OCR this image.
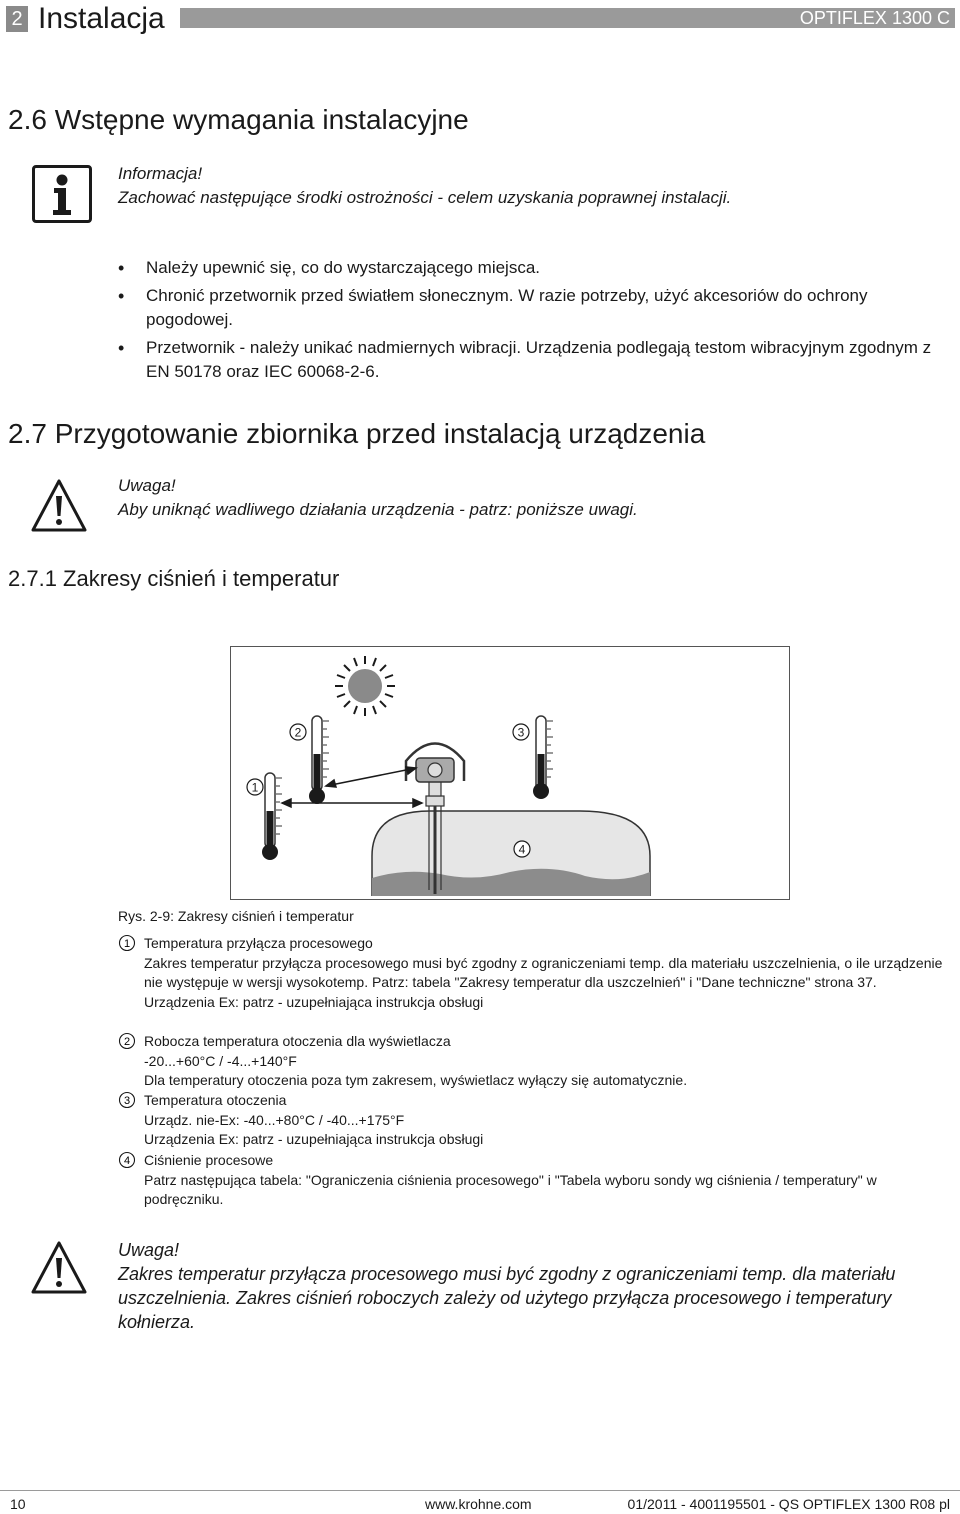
2 Instalacja	OPTIFLEX 1300 C
2.6 Wstępne wymagania instalacyjne
Informacja!
Zachować następujące środki ostrożności - celem uzyskania poprawnej instalacji.
• Należy upewnić się, co do wystarczającego miejsca.
• Chronić przetwornik przed światłem słonecznym. W razie potrzeby, użyć akcesoriów do ochrony pogodowej.
• Przetwornik - należy unikać nadmiernych wibracji. Urządzenia podlegają testom wibracyjnym zgodnym z EN 50178 oraz IEC 60068-2-6.
2.7 Przygotowanie zbiornika przed instalacją urządzenia
Uwaga!
Aby uniknąć wadliwego działania urządzenia - patrz: poniższe uwagi.
2.7.1 Zakresy ciśnień i temperatur
1
2	3
4
Rys. 2-9: Zakresy ciśnień i temperatur
1 Temperatura przyłącza procesowego
Zakres temperatur przyłącza procesowego musi być zgodny z ograniczeniami temp. dla materiału uszczelnienia, o ile urządzenie nie występuje w wersji wysokotemp. Patrz: tabela "Zakresy temperatur dla uszczelnień" i "Dane techniczne" strona 37.
Urządzenia Ex: patrz - uzupełniająca instrukcja obsługi
2 Robocza temperatura otoczenia dla wyświetlacza
-20...+60°C / -4...+140°F
Dla temperatury otoczenia poza tym zakresem, wyświetlacz wyłączy się automatycznie.
3 Temperatura otoczenia
Urządz. nie-Ex: -40...+80°C / -40...+175°F
Urządzenia Ex: patrz - uzupełniająca instrukcja obsługi
4 Ciśnienie procesowe
Patrz następująca tabela: "Ograniczenia ciśnienia procesowego" i "Tabela wyboru sondy wg ciśnienia / temperatury" w podręczniku.
Uwaga!
Zakres temperatur przyłącza procesowego musi być zgodny z ograniczeniami temp. dla materiału uszczelnienia. Zakres ciśnień roboczych zależy od użytego przyłącza procesowego i temperatury kołnierza.
10	www.krohne.com	01/2011 - 4001195501 - QS OPTIFLEX 1300 R08 pl
